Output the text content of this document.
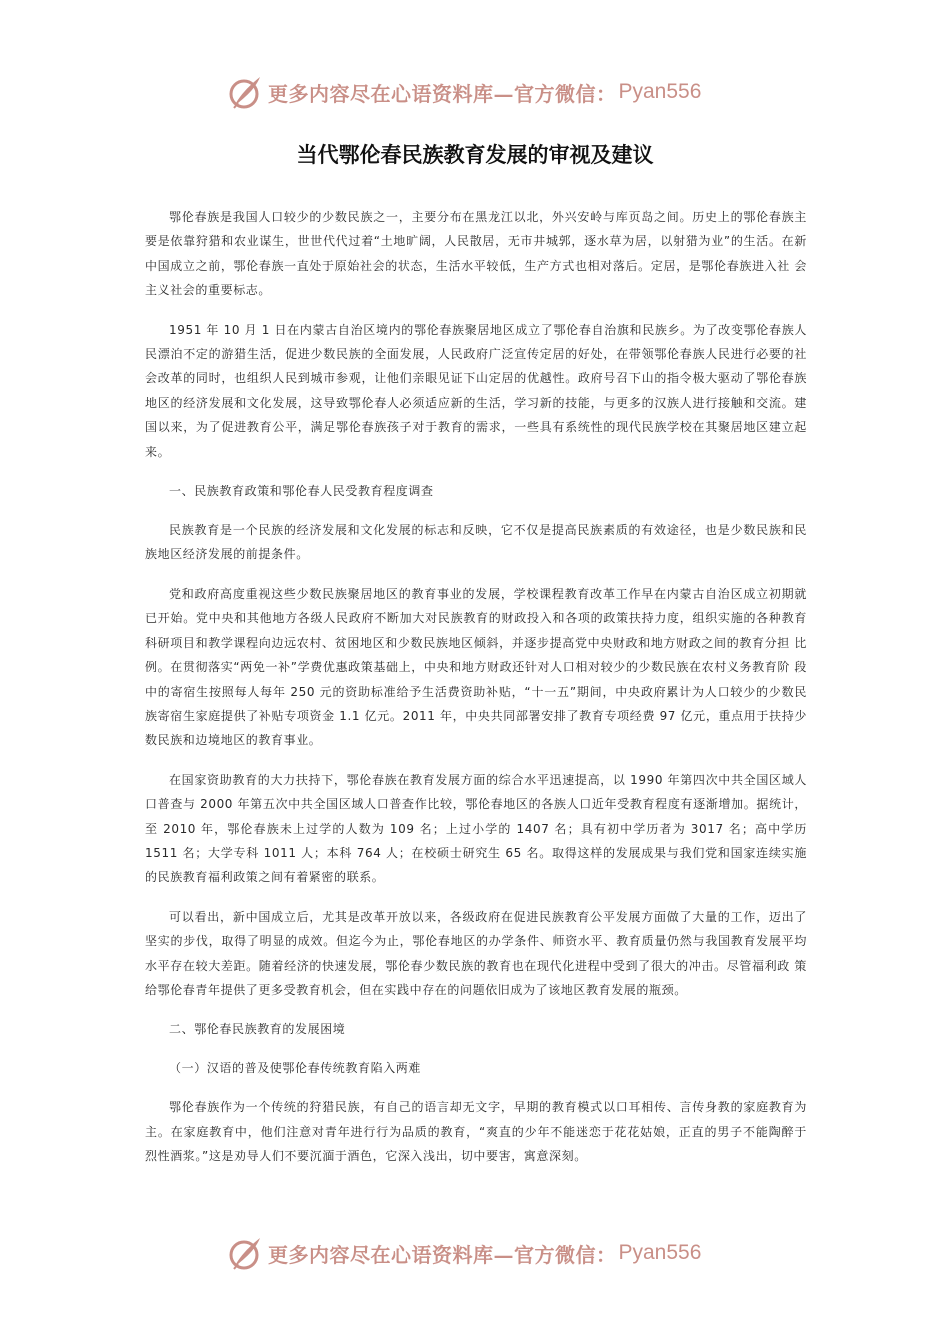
更多内容尽在心语资料库—官方微信： Pyan556
当代鄂伦春民族教育发展的审视及建议

鄂伦春族是我国人口较少的少数民族之一，主要分布在黑龙江以北，外兴安岭与库页岛之间。历史上的鄂伦春族主要是依靠狩猎和农业谋生，世世代代过着“土地旷阔，人民散居，无市井城郭，逐水草为居，以射猎为业”的生活。在新中国成立之前，鄂伦春族一直处于原始社会的状态，生活水平较低，生产方式也相对落后。定居，是鄂伦春族进入社 会主义社会的重要标志。

1951 年 10 月 1 日在内蒙古自治区境内的鄂伦春族聚居地区成立了鄂伦春自治旗和民族乡。为了改变鄂伦春族人民漂泊不定的游猎生活，促进少数民族的全面发展，人民政府广泛宣传定居的好处，在带领鄂伦春族人民进行必要的社会改革的同时，也组织人民到城市参观，让他们亲眼见证下山定居的优越性。政府号召下山的指令极大驱动了鄂伦春族地区的经济发展和文化发展，这导致鄂伦春人必须适应新的生活，学习新的技能，与更多的汉族人进行接触和交流。建国以来，为了促进教育公平，满足鄂伦春族孩子对于教育的需求，一些具有系统性的现代民族学校在其聚居地区建立起来。

一、民族教育政策和鄂伦春人民受教育程度调查

民族教育是一个民族的经济发展和文化发展的标志和反映，它不仅是提高民族素质的有效途径，也是少数民族和民族地区经济发展的前提条件。

党和政府高度重视这些少数民族聚居地区的教育事业的发展，学校课程教育改革工作早在内蒙古自治区成立初期就已开始。党中央和其他地方各级人民政府不断加大对民族教育的财政投入和各项的政策扶持力度，组织实施的各种教育科研项目和教学课程向边远农村、贫困地区和少数民族地区倾斜，并逐步提高党中央财政和地方财政之间的教育分担 比例。在贯彻落实“两免一补”学费优惠政策基础上，中央和地方财政还针对人口相对较少的少数民族在农村义务教育阶 段中的寄宿生按照每人每年 250 元的资助标准给予生活费资助补贴，“十一五”期间，中央政府累计为人口较少的少数民族寄宿生家庭提供了补贴专项资金 1.1 亿元。2011 年，中央共同部署安排了教育专项经费 97 亿元，重点用于扶持少数民族和边境地区的教育事业。

在国家资助教育的大力扶持下，鄂伦春族在教育发展方面的综合水平迅速提高，以 1990 年第四次中共全国区域人口普查与 2000 年第五次中共全国区域人口普查作比较，鄂伦春地区的各族人口近年受教育程度有逐渐增加。据统计，至 2010 年，鄂伦春族未上过学的人数为 109 名；上过小学的 1407 名；具有初中学历者为 3017 名；高中学历 1511 名；大学专科 1011 人；本科 764 人；在校硕士研究生 65 名。取得这样的发展成果与我们党和国家连续实施的民族教育福利政策之间有着紧密的联系。

可以看出，新中国成立后，尤其是改革开放以来，各级政府在促进民族教育公平发展方面做了大量的工作，迈出了坚实的步伐，取得了明显的成效。但迄今为止，鄂伦春地区的办学条件、师资水平、教育质量仍然与我国教育发展平均水平存在较大差距。随着经济的快速发展，鄂伦春少数民族的教育也在现代化进程中受到了很大的冲击。尽管福利政 策给鄂伦春青年提供了更多受教育机会，但在实践中存在的问题依旧成为了该地区教育发展的瓶颈。

二、鄂伦春民族教育的发展困境

（一）汉语的普及使鄂伦春传统教育陷入两难

鄂伦春族作为一个传统的狩猎民族，有自己的语言却无文字，早期的教育模式以口耳相传、言传身教的家庭教育为主。在家庭教育中，他们注意对青年进行行为品质的教育，“爽直的少年不能迷恋于花花姑娘，正直的男子不能陶醉于烈性酒浆。”这是劝导人们不要沉湎于酒色，它深入浅出，切中要害，寓意深刻。

更多内容尽在心语资料库—官方微信： Pyan556
